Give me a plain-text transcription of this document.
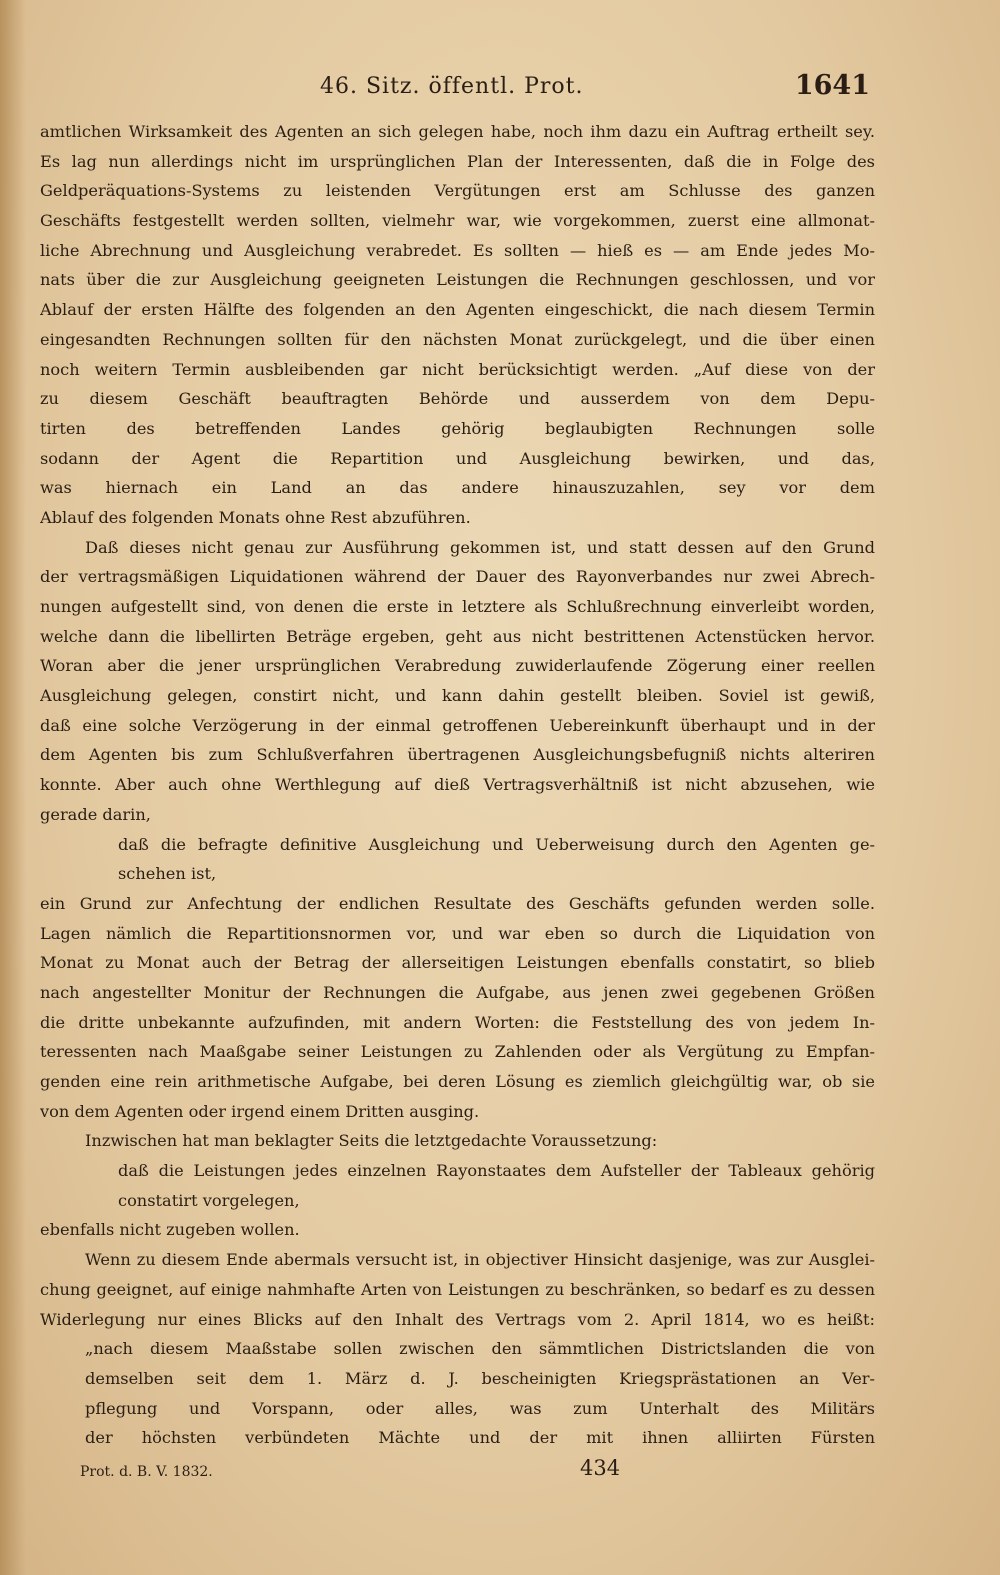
46. Sitz. öffentl. Prot.	1641
amtlichen Wirksamkeit des Agenten an sich gelegen habe, noch ihm dazu ein Auftrag ertheilt sey.
Es lag nun allerdings nicht im ursprünglichen Plan der Interessenten, daß die in Folge des
Geldperäquations-Systems zu leistenden Vergütungen erst am Schlusse des ganzen
Geschäfts festgestellt werden sollten, vielmehr war, wie vorgekommen, zuerst eine allmonat-
liche Abrechnung und Ausgleichung verabredet. Es sollten — hieß es — am Ende jedes Mo-
nats über die zur Ausgleichung geeigneten Leistungen die Rechnungen geschlossen, und vor
Ablauf der ersten Hälfte des folgenden an den Agenten eingeschickt, die nach diesem Termin
eingesandten Rechnungen sollten für den nächsten Monat zurückgelegt, und die über einen
noch weitern Termin ausbleibenden gar nicht berücksichtigt werden. „Auf diese von der
zu diesem Geschäft beauftragten Behörde und ausserdem von dem Depu-
tirten des betreffenden Landes gehörig beglaubigten Rechnungen solle
sodann der Agent die Repartition und Ausgleichung bewirken, und das,
was hiernach ein Land an das andere hinauszuzahlen, sey vor dem
Ablauf des folgenden Monats ohne Rest abzuführen.
Daß dieses nicht genau zur Ausführung gekommen ist, und statt dessen auf den Grund
der vertragsmäßigen Liquidationen während der Dauer des Rayonverbandes nur zwei Abrech-
nungen aufgestellt sind, von denen die erste in letztere als Schlußrechnung einverleibt worden,
welche dann die libellirten Beträge ergeben, geht aus nicht bestrittenen Actenstücken hervor.
Woran aber die jener ursprünglichen Verabredung zuwiderlaufende Zögerung einer reellen
Ausgleichung gelegen, constirt nicht, und kann dahin gestellt bleiben. Soviel ist gewiß,
daß eine solche Verzögerung in der einmal getroffenen Uebereinkunft überhaupt und in der
dem Agenten bis zum Schlußverfahren übertragenen Ausgleichungsbefugniß nichts alteriren
konnte. Aber auch ohne Werthlegung auf dieß Vertragsverhältniß ist nicht abzusehen, wie
gerade darin,
daß die befragte definitive Ausgleichung und Ueberweisung durch den Agenten ge-
schehen ist,
ein Grund zur Anfechtung der endlichen Resultate des Geschäfts gefunden werden solle.
Lagen nämlich die Repartitionsnormen vor, und war eben so durch die Liquidation von
Monat zu Monat auch der Betrag der allerseitigen Leistungen ebenfalls constatirt, so blieb
nach angestellter Monitur der Rechnungen die Aufgabe, aus jenen zwei gegebenen Größen
die dritte unbekannte aufzufinden, mit andern Worten: die Feststellung des von jedem In-
teressenten nach Maaßgabe seiner Leistungen zu Zahlenden oder als Vergütung zu Empfan-
genden eine rein arithmetische Aufgabe, bei deren Lösung es ziemlich gleichgültig war, ob sie
von dem Agenten oder irgend einem Dritten ausging.
Inzwischen hat man beklagter Seits die letztgedachte Voraussetzung:
daß die Leistungen jedes einzelnen Rayonstaates dem Aufsteller der Tableaux gehörig
constatirt vorgelegen,
ebenfalls nicht zugeben wollen.
Wenn zu diesem Ende abermals versucht ist, in objectiver Hinsicht dasjenige, was zur Ausglei-
chung geeignet, auf einige nahmhafte Arten von Leistungen zu beschränken, so bedarf es zu dessen
Widerlegung nur eines Blicks auf den Inhalt des Vertrags vom 2. April 1814, wo es heißt:
„nach diesem Maaßstabe sollen zwischen den sämmtlichen Districtslanden die von
demselben seit dem 1. März d. J. bescheinigten Kriegsprästationen an Ver-
pflegung und Vorspann, oder alles, was zum Unterhalt des Militärs
der höchsten verbündeten Mächte und der mit ihnen alliirten Fürsten
Prot. d. B. V. 1832.	434
